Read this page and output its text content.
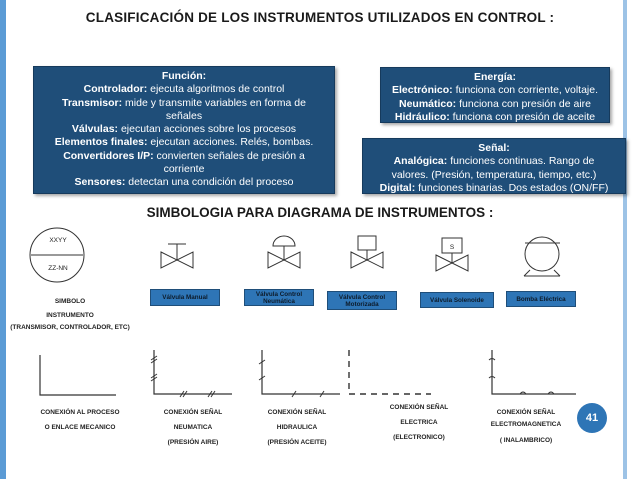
CLASIFICACIÓN DE LOS INSTRUMENTOS UTILIZADOS EN CONTROL :
Función:
Controlador: ejecuta algoritmos de control
Transmisor: mide y transmite variables en forma de señales
Válvulas: ejecutan acciones sobre los procesos
Elementos finales: ejecutan acciones. Relés, bombas.
Convertidores I/P: convierten señales de presión a corriente
Sensores: detectan una condición del proceso
Energía:
Electrónico: funciona con corriente, voltaje.
Neumático: funciona con presión de aire
Hidráulico: funciona con presión de aceite
Señal:
Analógica: funciones continuas. Rango de valores. (Presión, temperatura, tiempo, etc.)
Digital: funciones binarias. Dos estados (ON/FF)
SIMBOLOGIA PARA DIAGRAMA DE INSTRUMENTOS :
XXYY
ZZ-NN
SIMBOLO
INSTRUMENTO
(TRANSMISOR, CONTROLADOR, ETC)
S
Válvula Manual	Válvula Control Neumática
Válvula Control Motorizada
Válvula Solenoide	Bomba Eléctrica
CONEXIÓN AL PROCESO
O ENLACE MECANICO
CONEXIÓN SEÑAL
NEUMATICA
(PRESIÓN AIRE)
CONEXIÓN SEÑAL
HIDRAULICA
(PRESIÓN ACEITE)
CONEXIÓN SEÑAL
ELECTRICA
(ELECTRONICO)
CONEXIÓN SEÑAL
ELECTROMAGNETICA
( INALAMBRICO)
41
